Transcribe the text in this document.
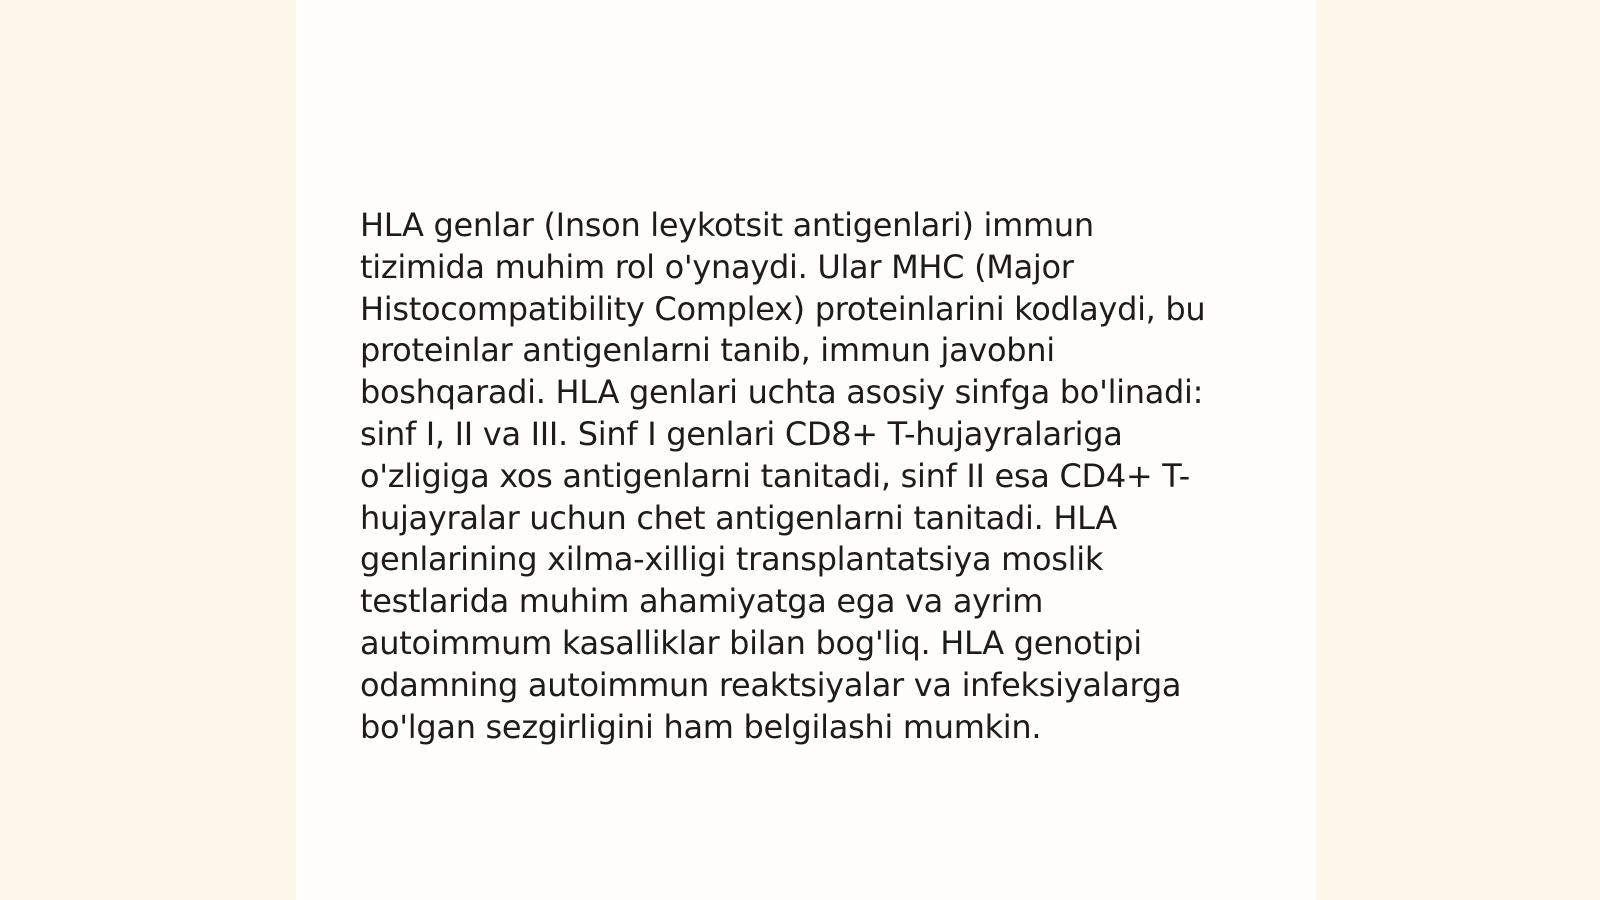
HLA genlar (Inson leykotsit antigenlari) immun
tizimida muhim rol o'ynaydi. Ular MHC (Major
Histocompatibility Complex) proteinlarini kodlaydi, bu
proteinlar antigenlarni tanib, immun javobni
boshqaradi. HLA genlari uchta asosiy sinfga bo'linadi:
sinf I, II va III. Sinf I genlari CD8+ T-hujayralariga
o'zligiga xos antigenlarni tanitadi, sinf II esa CD4+ T-
hujayralar uchun chet antigenlarni tanitadi. HLA
genlarining xilma-xilligi transplantatsiya moslik
testlarida muhim ahamiyatga ega va ayrim
autoimmum kasalliklar bilan bog'liq. HLA genotipi
odamning autoimmun reaktsiyalar va infeksiyalarga
bo'lgan sezgirligini ham belgilashi mumkin.
